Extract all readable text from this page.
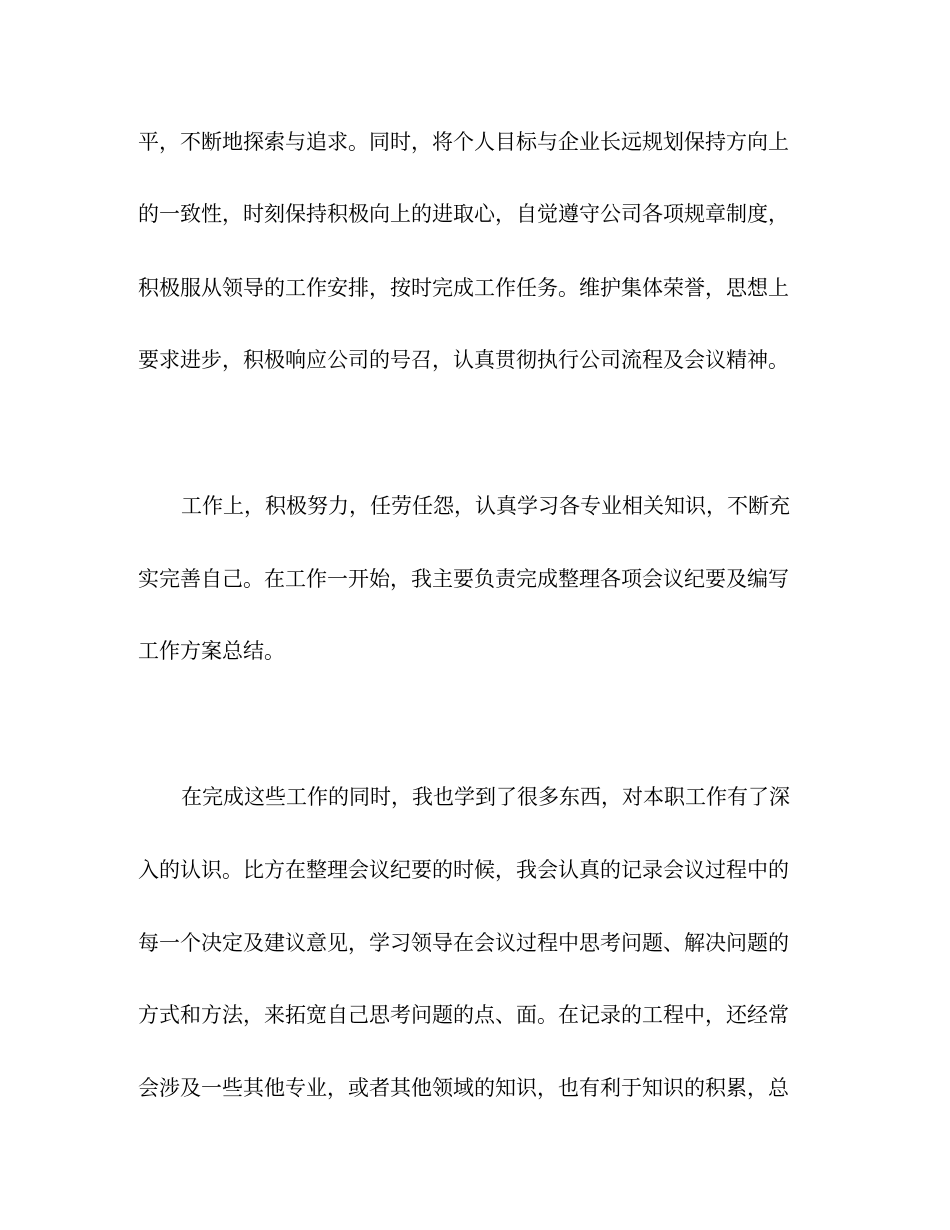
平，不断地探索与追求。同时，将个人目标与企业长远规划保持方向上
的一致性，时刻保持积极向上的进取心，自觉遵守公司各项规章制度，
积极服从领导的工作安排，按时完成工作任务。维护集体荣誉，思想上
要求进步，积极响应公司的号召，认真贯彻执行公司流程及会议精神。
工作上，积极努力，任劳任怨，认真学习各专业相关知识，不断充
实完善自己。在工作一开始，我主要负责完成整理各项会议纪要及编写
工作方案总结。
在完成这些工作的同时，我也学到了很多东西，对本职工作有了深
入的认识。比方在整理会议纪要的时候，我会认真的记录会议过程中的
每一个决定及建议意见，学习领导在会议过程中思考问题、解决问题的
方式和方法，来拓宽自己思考问题的点、面。在记录的工程中，还经常
会涉及一些其他专业，或者其他领域的知识，也有利于知识的积累，总
